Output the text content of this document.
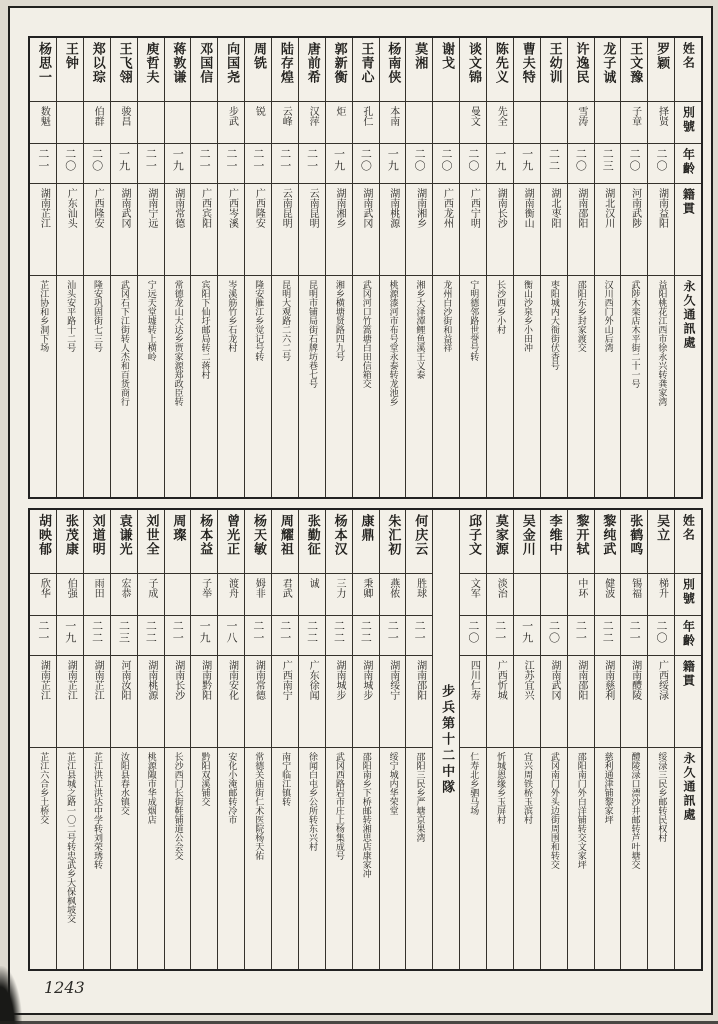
姓名
別號
年齡
籍貫
永久通訊處
罗颖
择贤
二〇
湖南益阳
益阳桃花江西市徐永兴转龚家湾
王文豫
子章
二〇
河南武陟
武陟木栾店木平街二十一号
龙子诚
二三
湖北汉川
汉川西门外山后湾
许逸民
雪涛
二〇
湖南邵阳
邵阳东乡封家渡交
王幼训
二二
湖北枣阳
枣阳城内大衙街伏香号
曹夫特
一九
湖南衡山
衡山沙泉乡小田冲
陈先义
先全
一九
湖南长沙
长沙西乡小村
谈文锦
曼文
二〇
广西宁明
宁明德邻路世誉号转
谢戈
二〇
广西龙州
龙州白沙街和益祥
莫湘
二〇
湖南湘乡
湘乡大泽潭鲤鱼溪王义泰
杨南侠
本南
一九
湖南桃源
桃源漆河市布号堂永泰转龙池乡
王青心
孔仁
二〇
湖南武冈
武冈河口竹篙塘白田信箱交
郭新衡
炬
一九
湖南湘乡
湘乡横塘贤路四九号
唐前希
汉萍
二一
云南昆明
昆明市铺局街石牌坊巷七号
陆存煌
云峰
二一
云南昆明
昆明大观路二六二号
周铣
锐
二一
广西隆安
隆安雁江乡觉记号转
向国尧
步武
二一
广西岑溪
岑溪筋竹乡石龙村
邓国信
二一
广西宾阳
宾阳下仙圩邮局转二蒋村
蒋敦谦
一九
湖南常德
常德龙山大达乡贾家源郑政臣转
庾哲夫
二一
湖南宁远
宁远天堂墟转上横岭
王飞翎
骏昌
一九
湖南武冈
武冈石下江街转人杰和百货商行
郑以琮
伯群
二〇
广西隆安
隆安巩固街七三号
王钟
二〇
广东汕头
汕头安平路十二号
杨思一
数魁
二一
湖南芷江
芷江协和乡洞下场
姓名
別號
年齡
籍貫
永久通訊處
吴立
梯升
二〇
广西绥渌
绥渌三民乡邮转民权村
张鹤鸣
锡福
二一
湖南醴陵
醴陵渌口漂沙井邮转芦叶塘交
黎纯武
健波
二二
湖南慈利
慈利通津铺黎家坪
黎开轼
中环
二一
湖南邵阳
邵阳南门外白洋铺转交文家坪
李维中
二〇
湖南武冈
武冈南门外头边街周围和转交
吴金川
一九
江苏宜兴
宜兴周铁桥玉滨村
莫家源
淡治
二一
广西忻城
忻城恩缘乡玉屏村
邱子文
文军
二〇
四川仁寿
仁寿北乡驷马场
步兵第十二中隊
何庆云
胜球
二一
湖南邵阳
邵阳三民乡严塘京果湾
朱汇初
燕侬
二一
湖南绥宁
绥宁城内华荣堂
康鼎
秉卿
二二
湖南城步
邵阳南乡下桥邮转湘思店康家冲
杨本汉
三力
二二
湖南城步
武冈西路岩市庄上杨集成号
张勤征
诚
二二
广东徐闻
徐闻白屯乡公所转东兴村
周耀祖
君武
二一
广西南宁
南宁临江镇转
杨天敏
姆非
二一
湖南常德
常德关庙街仁术医院杨天佑
曾光正
渡舟
一八
湖南安化
安化小淹邮转冷市
杨本益
子举
一九
湖南黔阳
黔阳双溪铺交
周璨
二一
湖南长沙
长沙西门长街鞋铺道公会交
刘世全
子成
二二
湖南桃源
桃源陬市华成烟店
袁谦光
宏恭
二三
河南汝阳
汝阳县春水镇交
刘道明
雨田
二二
湖南芷江
芷江洪江洪达中学转刘荣琇转
张茂康
伯强
一九
湖南芷江
芷江县城之路一〇二号转忠武乡大保枫坡交
胡映郁
欣华
二一
湖南芷江
芷江六合乡土桥交
1243
